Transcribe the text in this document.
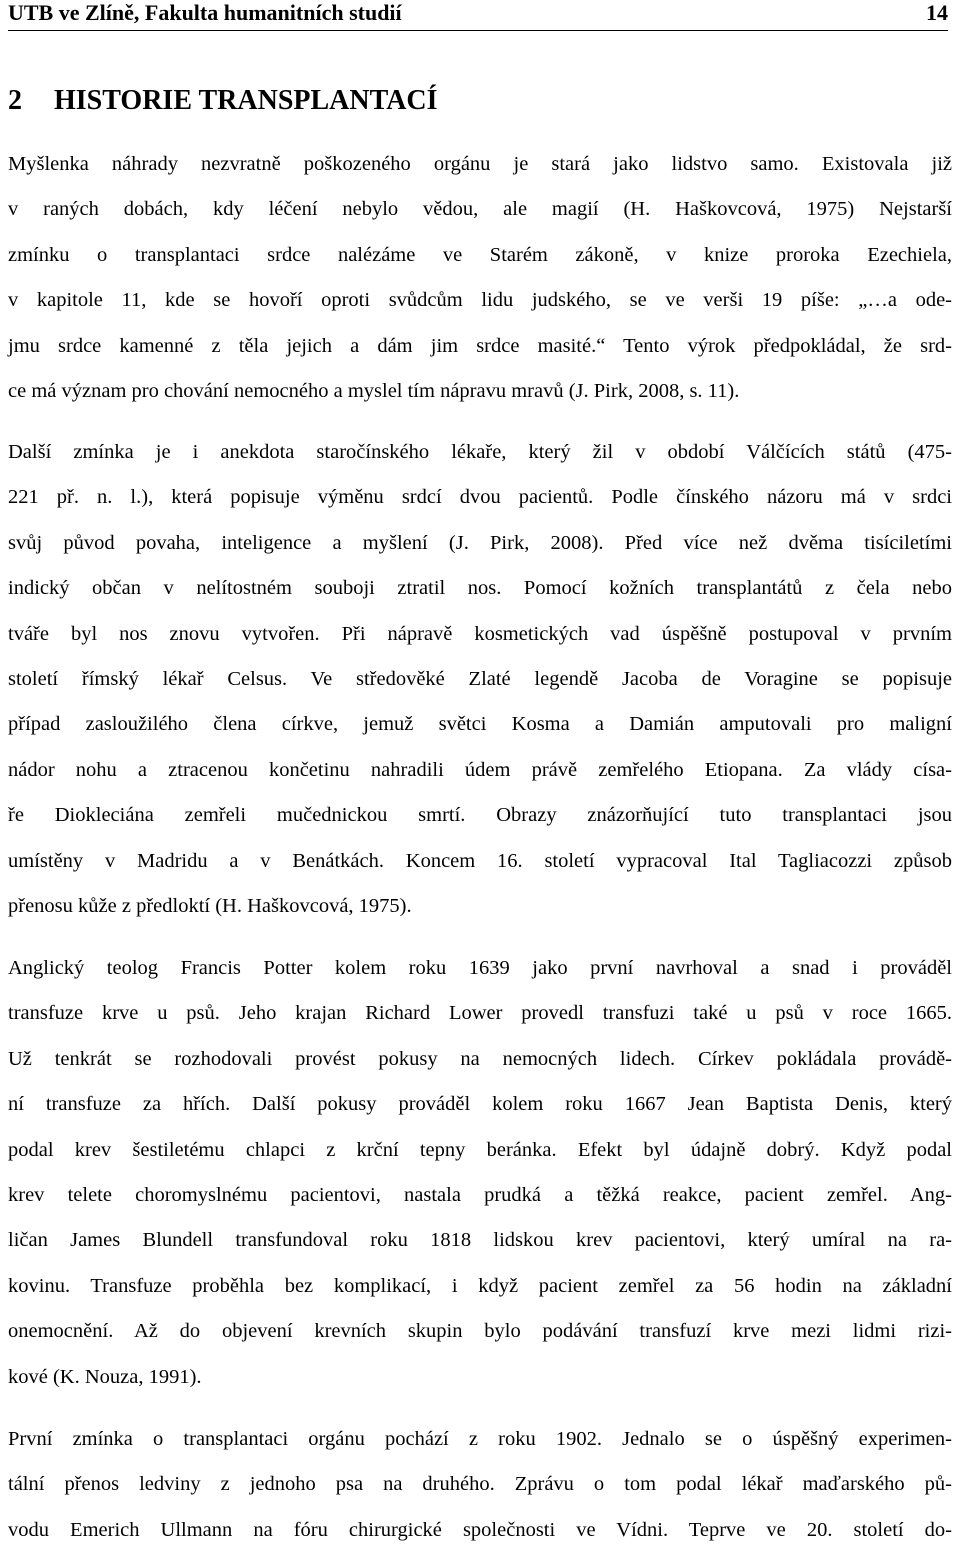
UTB ve Zlíně, Fakulta humanitních studií	14
2 HISTORIE TRANSPLANTACÍ
Myšlenka náhrady nezvratně poškozeného orgánu je stará jako lidstvo samo. Existovala již
v raných dobách, kdy léčení nebylo vědou, ale magií (H. Haškovcová, 1975) Nejstarší
zmínku o transplantaci srdce nalézáme ve Starém zákoně, v knize proroka Ezechiela,
v kapitole 11, kde se hovoří oproti svůdcům lidu judského, se ve verši 19 píše: „…a ode-
jmu srdce kamenné z těla jejich a dám jim srdce masité.“ Tento výrok předpokládal, že srd-
ce má význam pro chování nemocného a myslel tím nápravu mravů (J. Pirk, 2008, s. 11).
Další zmínka je i anekdota staročínského lékaře, který žil v období Válčících států (475-
221 př. n. l.), která popisuje výměnu srdcí dvou pacientů. Podle čínského názoru má v srdci
svůj původ povaha, inteligence a myšlení (J. Pirk, 2008). Před více než dvěma tisíciletími
indický občan v nelítostném souboji ztratil nos. Pomocí kožních transplantátů z čela nebo
tváře byl nos znovu vytvořen. Při nápravě kosmetických vad úspěšně postupoval v prvním
století římský lékař Celsus. Ve středověké Zlaté legendě Jacoba de Voragine se popisuje
případ zasloužilého člena církve, jemuž světci Kosma a Damián amputovali pro maligní
nádor nohu a ztracenou končetinu nahradili údem právě zemřelého Etiopana. Za vlády císa-
ře Diokleciána zemřeli mučednickou smrtí. Obrazy znázorňující tuto transplantaci jsou
umístěny v Madridu a v Benátkách. Koncem 16. století vypracoval Ital Tagliacozzi způsob
přenosu kůže z předloktí (H. Haškovcová, 1975).
Anglický teolog Francis Potter kolem roku 1639 jako první navrhoval a snad i prováděl
transfuze krve u psů. Jeho krajan Richard Lower provedl transfuzi také u psů v roce 1665.
Už tenkrát se rozhodovali provést pokusy na nemocných lidech. Církev pokládala provádě-
ní transfuze za hřích. Další pokusy prováděl kolem roku 1667 Jean Baptista Denis, který
podal krev šestiletému chlapci z krční tepny beránka. Efekt byl údajně dobrý. Když podal
krev telete choromyslnému pacientovi, nastala prudká a těžká reakce, pacient zemřel. Ang-
ličan James Blundell transfundoval roku 1818 lidskou krev pacientovi, který umíral na ra-
kovinu. Transfuze proběhla bez komplikací, i když pacient zemřel za 56 hodin na základní
onemocnění. Až do objevení krevních skupin bylo podávání transfuzí krve mezi lidmi rizi-
kové (K. Nouza, 1991).
První zmínka o transplantaci orgánu pochází z roku 1902. Jednalo se o úspěšný experimen-
tální přenos ledviny z jednoho psa na druhého. Zprávu o tom podal lékař maďarského pů-
vodu Emerich Ullmann na fóru chirurgické společnosti ve Vídni. Teprve ve 20. století do-
